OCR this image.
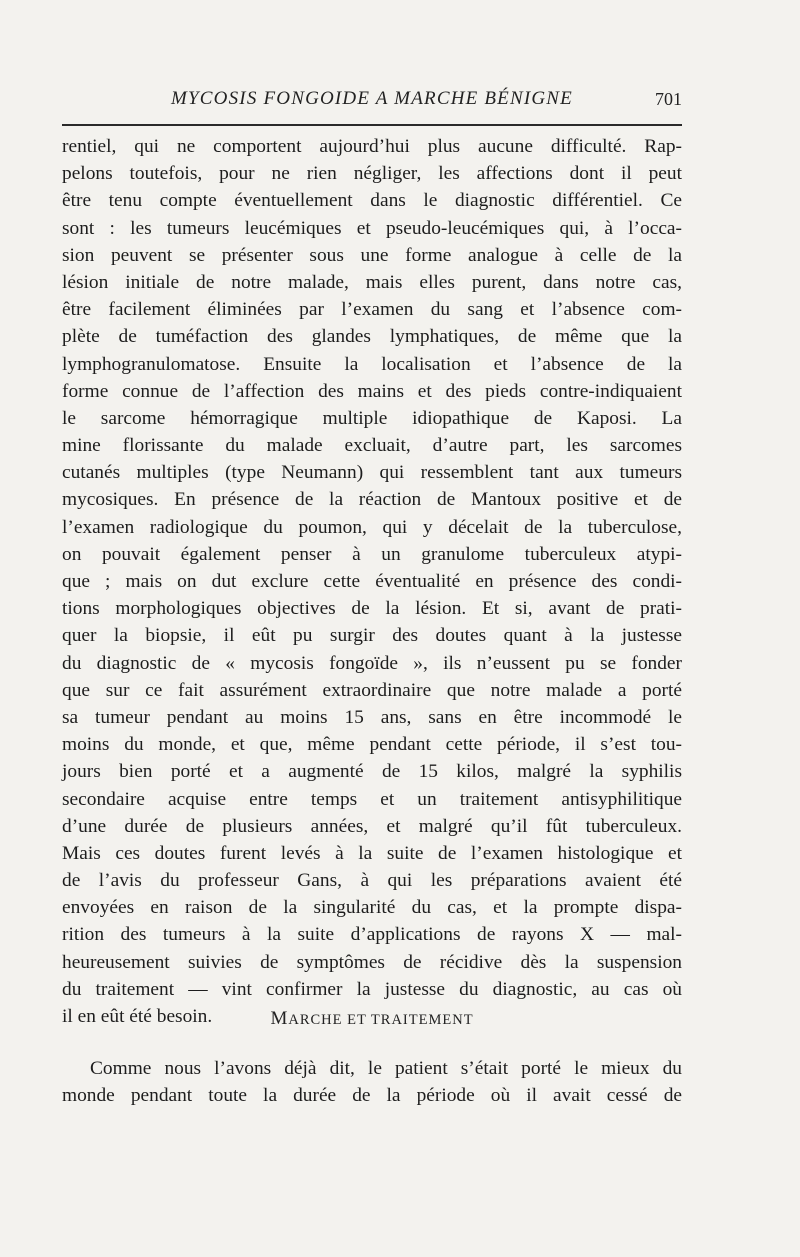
MYCOSIS FONGOIDE A MARCHE BÉNIGNE	701
rentiel, qui ne comportent aujourd’hui plus aucune difficulté. Rap-
pelons toutefois, pour ne rien négliger, les affections dont il peut
être tenu compte éventuellement dans le diagnostic différentiel. Ce
sont : les tumeurs leucémiques et pseudo-leucémiques qui, à l’occa-
sion peuvent se présenter sous une forme analogue à celle de la
lésion initiale de notre malade, mais elles purent, dans notre cas,
être facilement éliminées par l’examen du sang et l’absence com-
plète de tuméfaction des glandes lymphatiques, de même que la
lymphogranulomatose. Ensuite la localisation et l’absence de la
forme connue de l’affection des mains et des pieds contre-indiquaient
le sarcome hémorragique multiple idiopathique de Kaposi. La
mine florissante du malade excluait, d’autre part, les sarcomes
cutanés multiples (type Neumann) qui ressemblent tant aux tumeurs
mycosiques. En présence de la réaction de Mantoux positive et de
l’examen radiologique du poumon, qui y décelait de la tuberculose,
on pouvait également penser à un granulome tuberculeux atypi-
que ; mais on dut exclure cette éventualité en présence des condi-
tions morphologiques objectives de la lésion. Et si, avant de prati-
quer la biopsie, il eût pu surgir des doutes quant à la justesse
du diagnostic de « mycosis fongoïde », ils n’eussent pu se fonder
que sur ce fait assurément extraordinaire que notre malade a porté
sa tumeur pendant au moins 15 ans, sans en être incommodé le
moins du monde, et que, même pendant cette période, il s’est tou-
jours bien porté et a augmenté de 15 kilos, malgré la syphilis
secondaire acquise entre temps et un traitement antisyphilitique
d’une durée de plusieurs années, et malgré qu’il fût tuberculeux.
Mais ces doutes furent levés à la suite de l’examen histologique et
de l’avis du professeur Gans, à qui les préparations avaient été
envoyées en raison de la singularité du cas, et la prompte dispa-
rition des tumeurs à la suite d’applications de rayons X — mal-
heureusement suivies de symptômes de récidive dès la suspension
du traitement — vint confirmer la justesse du diagnostic, au cas où
il en eût été besoin.	MARCHE ET TRAITEMENT
Comme nous l’avons déjà dit, le patient s’était porté le mieux du
monde pendant toute la durée de la période où il avait cessé de
